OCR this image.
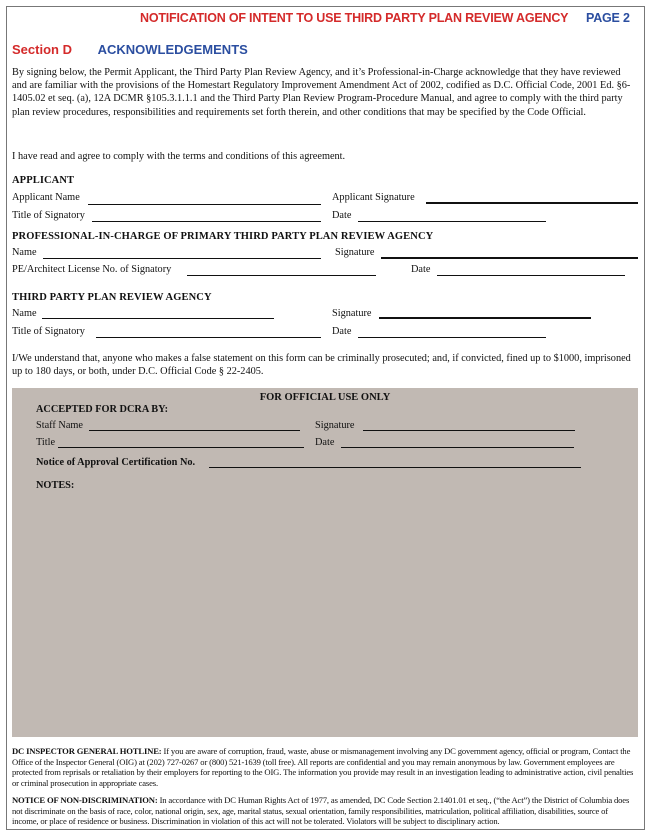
NOTIFICATION OF INTENT TO USE THIRD PARTY PLAN REVIEW AGENCY PAGE 2
Section D ACKNOWLEDGEMENTS
By signing below, the Permit Applicant, the Third Party Plan Review Agency, and it’s Professional-in-Charge acknowledge that they have reviewed and are familiar with the provisions of the Homestart Regulatory Improvement Amendment Act of 2002, codified as D.C. Official Code, 2001 Ed. §6-1405.02 et seq. (a), 12A DCMR §105.3.1.1.1 and the Third Party Plan Review Program-Procedure Manual, and agree to comply with the third party plan review procedures, responsibilities and requirements set forth therein, and other conditions that may be specified by the Code Official.
I have read and agree to comply with the terms and conditions of this agreement.
APPLICANT
Applicant Name	Applicant Signature
Title of Signatory	Date
PROFESSIONAL-IN-CHARGE OF PRIMARY THIRD PARTY PLAN REVIEW AGENCY
Name	Signature
PE/Architect License No. of Signatory	Date
THIRD PARTY PLAN REVIEW AGENCY
Name	Signature
Title of Signatory	Date
I/We understand that, anyone who makes a false statement on this form can be criminally prosecuted; and, if convicted, fined up to $1000, imprisoned up to 180 days, or both, under D.C. Official Code § 22-2405.
FOR OFFICIAL USE ONLY
ACCEPTED FOR DCRA BY:
Staff Name	Signature
Title	Date
Notice of Approval Certification No.
NOTES:
DC INSPECTOR GENERAL HOTLINE: If you are aware of corruption, fraud, waste, abuse or mismanagement involving any DC government agency, official or program, Contact the Office of the Inspector General (OIG) at (202) 727-0267 or (800) 521-1639 (toll free). All reports are confidential and you may remain anonymous by law. Government employees are protected from reprisals or retaliation by their employers for reporting to the OIG. The information you provide may result in an investigation leading to administrative action, civil penalties or criminal prosecution in appropriate cases.
NOTICE OF NON-DISCRIMINATION: In accordance with DC Human Rights Act of 1977, as amended, DC Code Section 2.1401.01 et seq., (“the Act”) the District of Columbia does not discriminate on the basis of race, color, national origin, sex, age, marital status, sexual orientation, family responsibilities, matriculation, political affiliation, disabilities, source of income, or place of residence or business. Discrimination in violation of this act will not be tolerated. Violators will be subject to disciplinary action.
